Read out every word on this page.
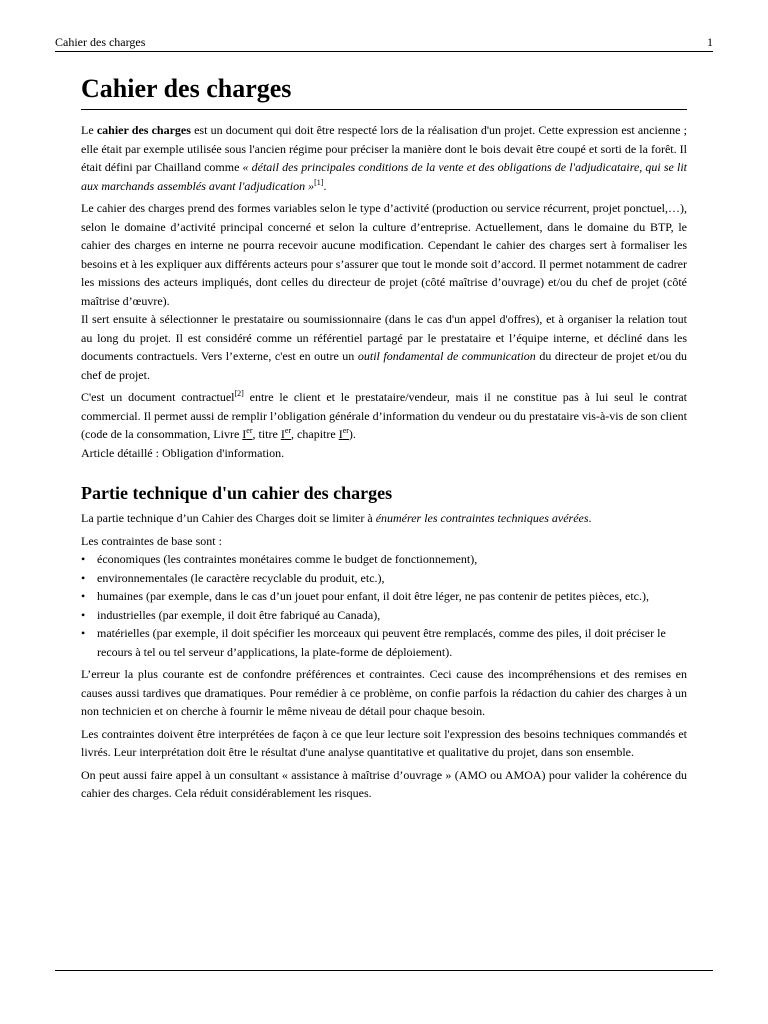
Cahier des charges	1
Cahier des charges

Le cahier des charges est un document qui doit être respecté lors de la réalisation d'un projet. Cette expression est ancienne ; elle était par exemple utilisée sous l'ancien régime pour préciser la manière dont le bois devait être coupé et sorti de la forêt. Il était défini par Chailland comme « détail des principales conditions de la vente et des obligations de l'adjudicataire, qui se lit aux marchands assemblés avant l'adjudication »[1].

Le cahier des charges prend des formes variables selon le type d’activité (production ou service récurrent, projet ponctuel,…), selon le domaine d’activité principal concerné et selon la culture d’entreprise. Actuellement, dans le domaine du BTP, le cahier des charges en interne ne pourra recevoir aucune modification. Cependant le cahier des charges sert à formaliser les besoins et à les expliquer aux différents acteurs pour s’assurer que tout le monde soit d’accord. Il permet notamment de cadrer les missions des acteurs impliqués, dont celles du directeur de projet (côté maîtrise d’ouvrage) et/ou du chef de projet (côté maîtrise d’œuvre).

Il sert ensuite à sélectionner le prestataire ou soumissionnaire (dans le cas d'un appel d'offres), et à organiser la relation tout au long du projet. Il est considéré comme un référentiel partagé par le prestataire et l’équipe interne, et décliné dans les documents contractuels. Vers l’externe, c'est en outre un outil fondamental de communication du directeur de projet et/ou du chef de projet.

C'est un document contractuel[2] entre le client et le prestataire/vendeur, mais il ne constitue pas à lui seul le contrat commercial. Il permet aussi de remplir l’obligation générale d’information du vendeur ou du prestataire vis-à-vis de son client (code de la consommation, Livre Ier, titre Ier, chapitre Ier).

Article détaillé : Obligation d'information.

Partie technique d'un cahier des charges

La partie technique d’un Cahier des Charges doit se limiter à énumérer les contraintes techniques avérées.

Les contraintes de base sont :

• économiques (les contraintes monétaires comme le budget de fonctionnement),
• environnementales (le caractère recyclable du produit, etc.),
• humaines (par exemple, dans le cas d’un jouet pour enfant, il doit être léger, ne pas contenir de petites pièces, etc.),
• industrielles (par exemple, il doit être fabriqué au Canada),
• matérielles (par exemple, il doit spécifier les morceaux qui peuvent être remplacés, comme des piles, il doit préciser le recours à tel ou tel serveur d’applications, la plate-forme de déploiement).

L’erreur la plus courante est de confondre préférences et contraintes. Ceci cause des incompréhensions et des remises en causes aussi tardives que dramatiques. Pour remédier à ce problème, on confie parfois la rédaction du cahier des charges à un non technicien et on cherche à fournir le même niveau de détail pour chaque besoin.

Les contraintes doivent être interprétées de façon à ce que leur lecture soit l'expression des besoins techniques commandés et livrés. Leur interprétation doit être le résultat d'une analyse quantitative et qualitative du projet, dans son ensemble.

On peut aussi faire appel à un consultant « assistance à maîtrise d’ouvrage » (AMO ou AMOA) pour valider la cohérence du cahier des charges. Cela réduit considérablement les risques.
